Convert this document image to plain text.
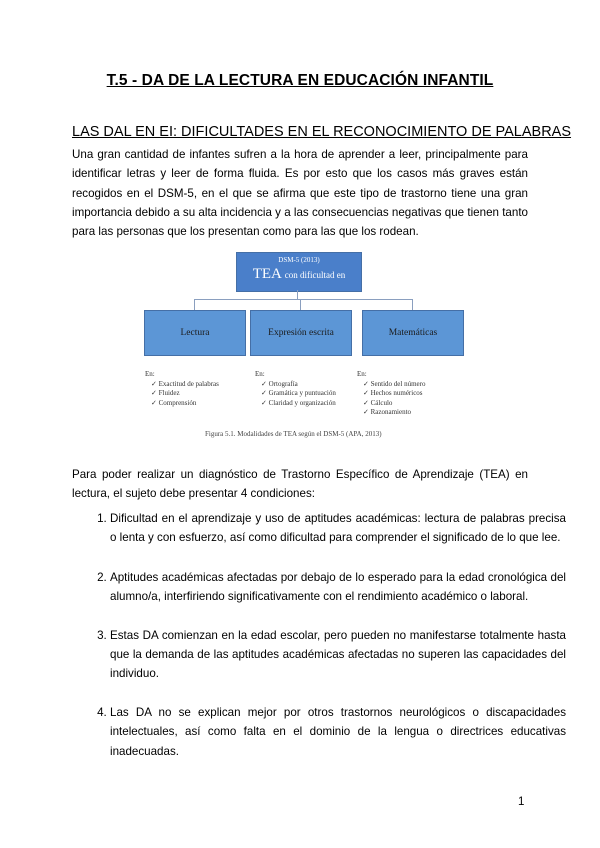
T.5 - DA DE LA LECTURA EN EDUCACIÓN INFANTIL
LAS DAL EN EI: DIFICULTADES EN EL RECONOCIMIENTO DE PALABRAS
Una gran cantidad de infantes sufren a la hora de aprender a leer, principalmente para identificar letras y leer de forma fluida. Es por esto que los casos más graves están recogidos en el DSM-5, en el que se afirma que este tipo de trastorno tiene una gran importancia debido a su alta incidencia y a las consecuencias negativas que tienen tanto para las personas que los presentan como para las que los rodean.
DSM-5 (2013)
TEA con dificultad en
Lectura	Expresión escrita	Matemáticas
En:
✓ Exactitud de palabras
✓ Fluidez
✓ Comprensión
En:
✓ Ortografía
✓ Gramática y puntuación
✓ Claridad y organización
En:
✓ Sentido del número
✓ Hechos numéricos
✓ Cálculo
✓ Razonamiento
Figura 5.1. Modalidades de TEA según el DSM-5 (APA, 2013)
Para poder realizar un diagnóstico de Trastorno Específico de Aprendizaje (TEA) en lectura, el sujeto debe presentar 4 condiciones:
1. Dificultad en el aprendizaje y uso de aptitudes académicas: lectura de palabras precisa o lenta y con esfuerzo, así como dificultad para comprender el significado de lo que lee.
2. Aptitudes académicas afectadas por debajo de lo esperado para la edad cronológica del alumno/a, interfiriendo significativamente con el rendimiento académico o laboral.
3. Estas DA comienzan en la edad escolar, pero pueden no manifestarse totalmente hasta que la demanda de las aptitudes académicas afectadas no superen las capacidades del individuo.
4. Las DA no se explican mejor por otros trastornos neurológicos o discapacidades intelectuales, así como falta en el dominio de la lengua o directrices educativas inadecuadas.
1
